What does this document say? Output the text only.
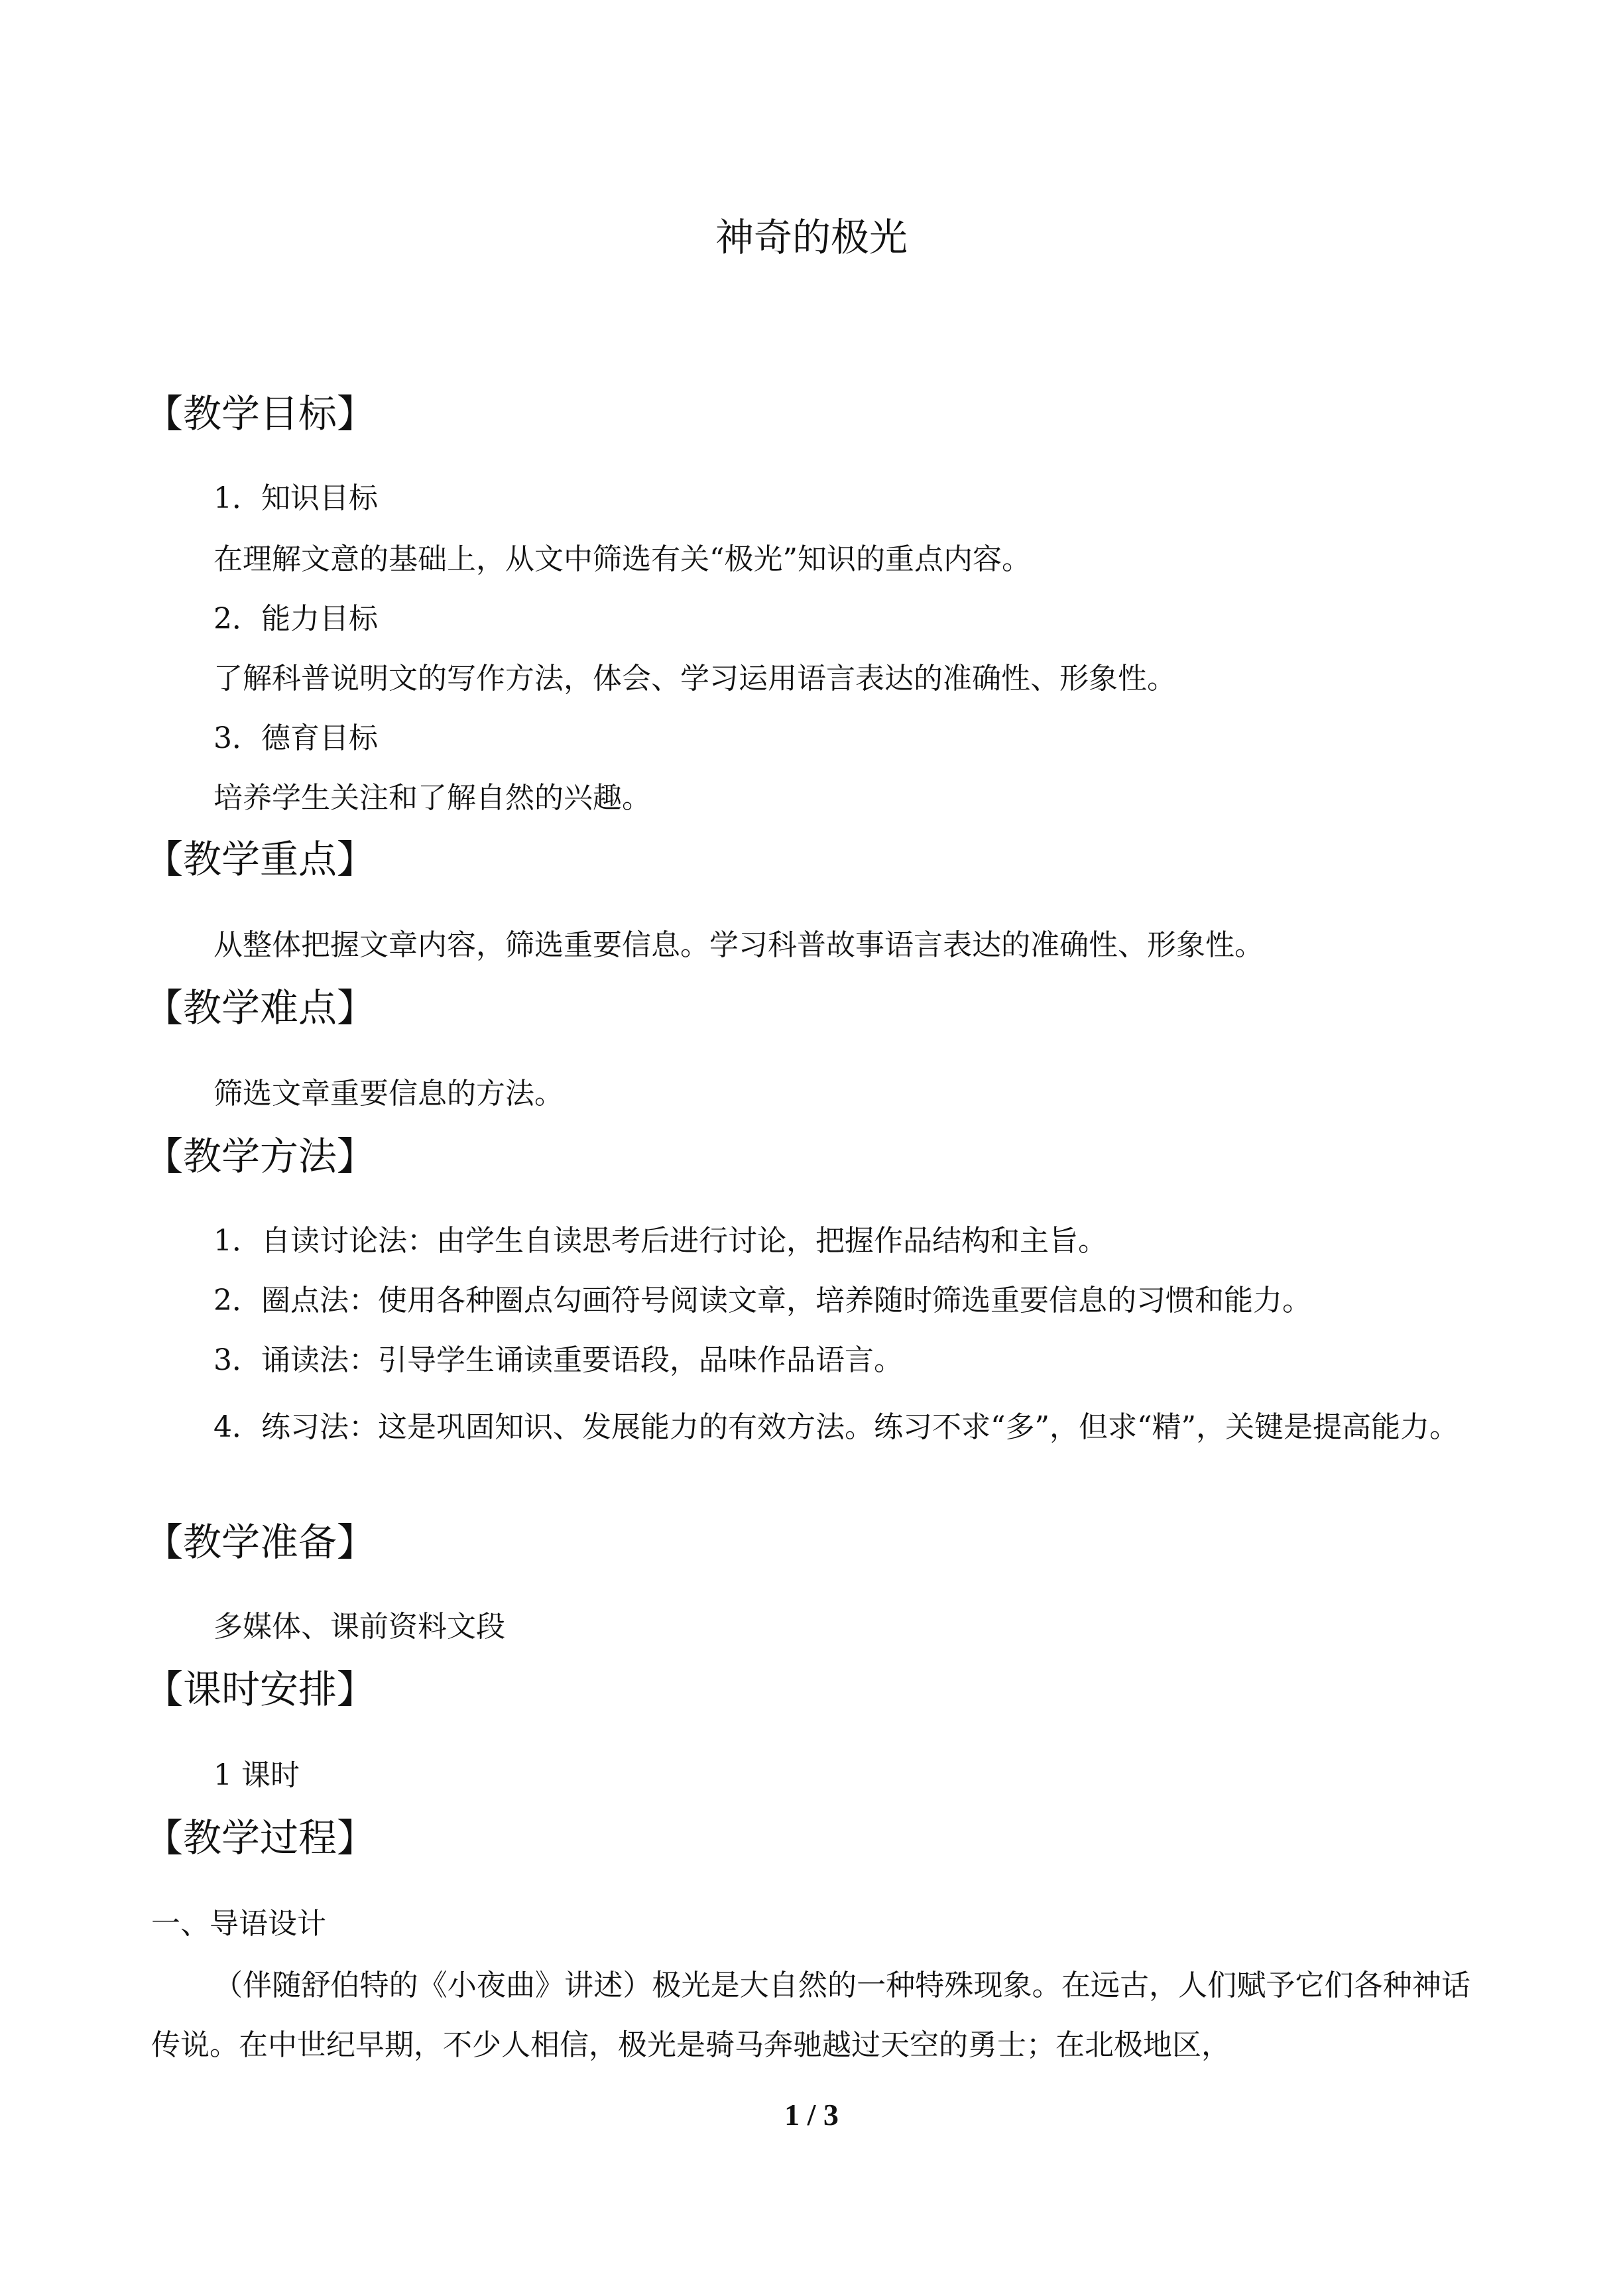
神奇的极光
【教学目标】
1．知识目标
在理解文意的基础上，从文中筛选有关“极光”知识的重点内容。
2．能力目标
了解科普说明文的写作方法，体会、学习运用语言表达的准确性、形象性。
3．德育目标
培养学生关注和了解自然的兴趣。
【教学重点】
从整体把握文章内容，筛选重要信息。学习科普故事语言表达的准确性、形象性。
【教学难点】
筛选文章重要信息的方法。
【教学方法】
1．自读讨论法：由学生自读思考后进行讨论，把握作品结构和主旨。
2．圈点法：使用各种圈点勾画符号阅读文章，培养随时筛选重要信息的习惯和能力。
3．诵读法：引导学生诵读重要语段，品味作品语言。
4．练习法：这是巩固知识、发展能力的有效方法。练习不求“多”，但求“精”，关键是提高能力。
【教学准备】
多媒体、课前资料文段
【课时安排】
1 课时
【教学过程】
一、导语设计
（伴随舒伯特的《小夜曲》讲述）极光是大自然的一种特殊现象。在远古，人们赋予它们各种神话传说。在中世纪早期，不少人相信，极光是骑马奔驰越过天空的勇士；在北极地区，
1 / 3
